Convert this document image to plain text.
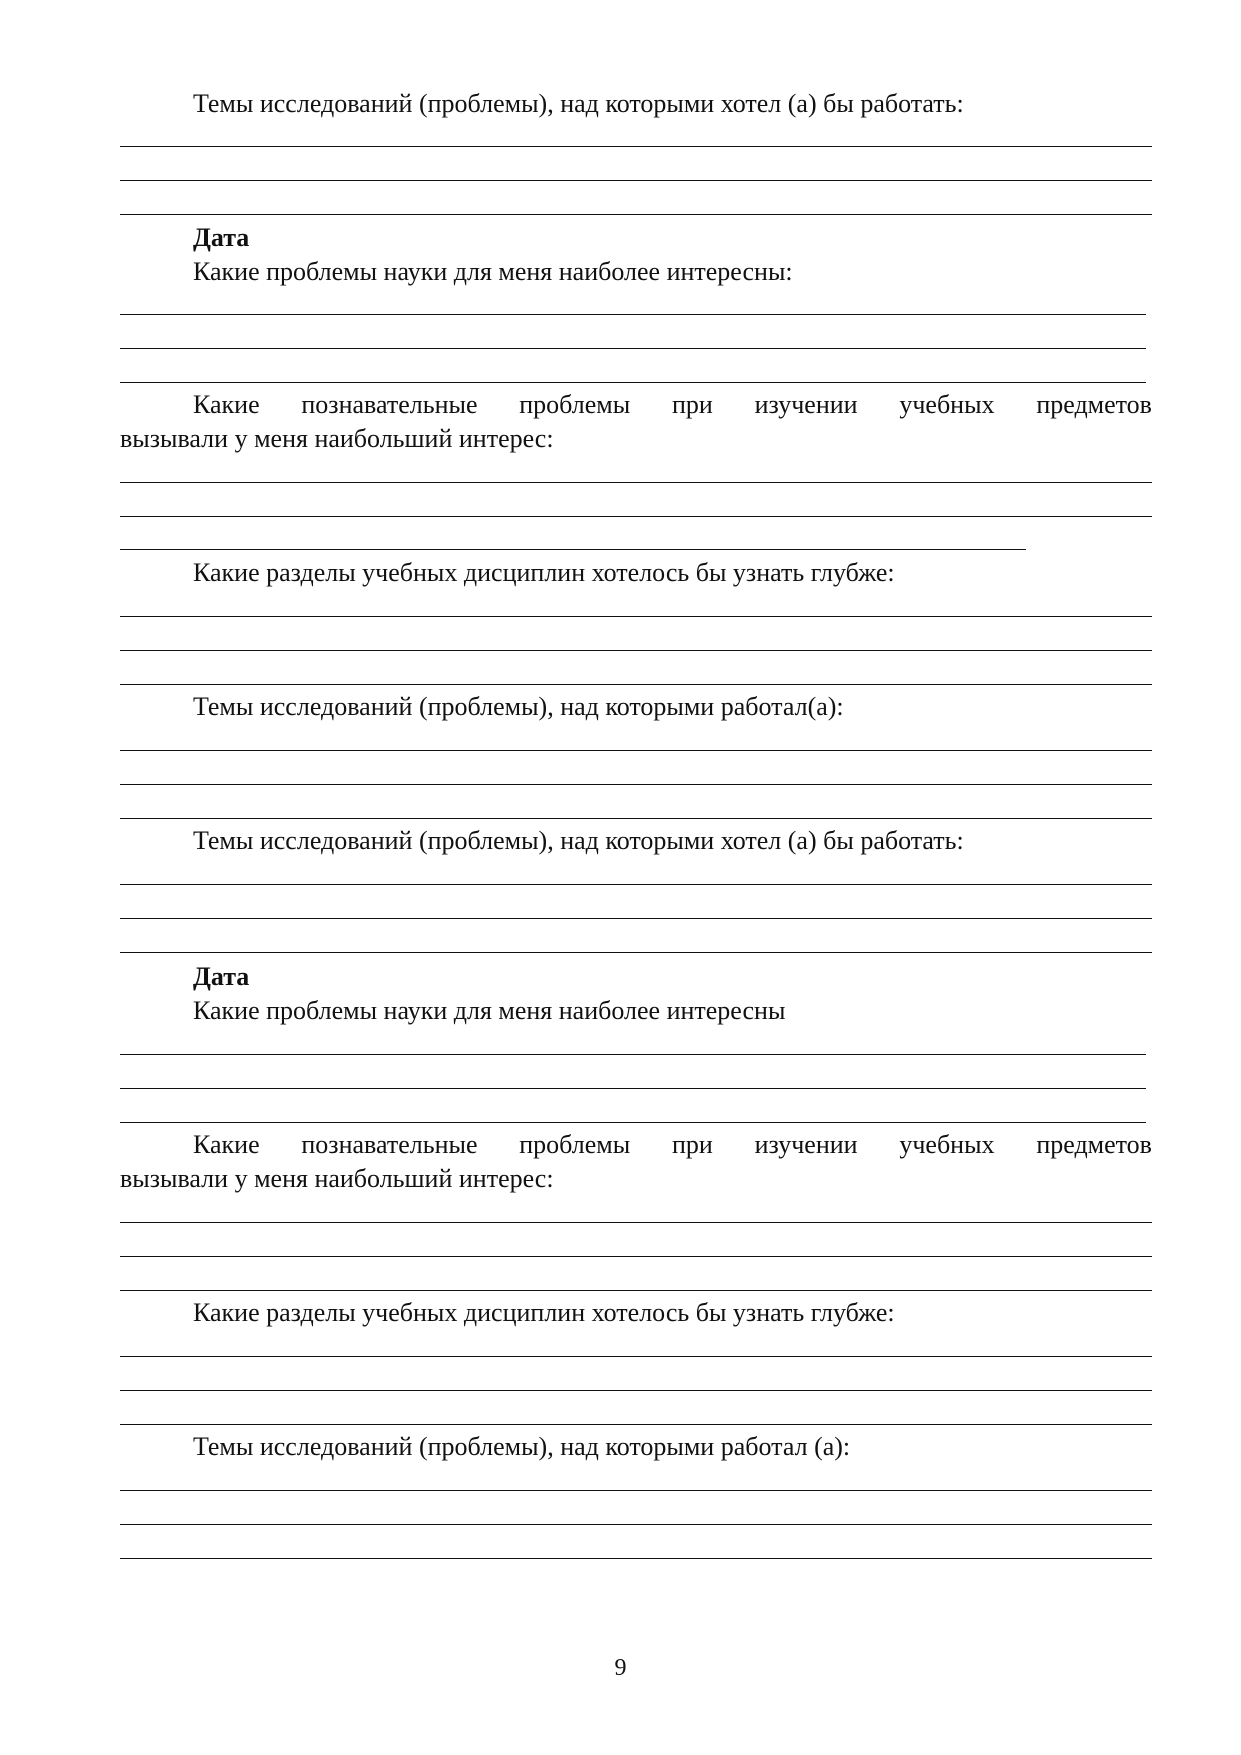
Темы исследований (проблемы), над которыми хотел (а) бы работать:
Дата
Какие проблемы науки для меня наиболее интересны:
Какие познавательные проблемы при изучении учебных предметов
вызывали у меня наибольший интерес:
Какие разделы учебных дисциплин хотелось бы узнать глубже:
Темы исследований (проблемы), над которыми работал(а):
Темы исследований (проблемы), над которыми хотел (а) бы работать:
Дата
Какие проблемы науки для меня наиболее интересны
Какие познавательные проблемы при изучении учебных предметов
вызывали у меня наибольший интерес:
Какие разделы учебных дисциплин хотелось бы узнать глубже:
Темы исследований (проблемы), над которыми работал (а):
9
